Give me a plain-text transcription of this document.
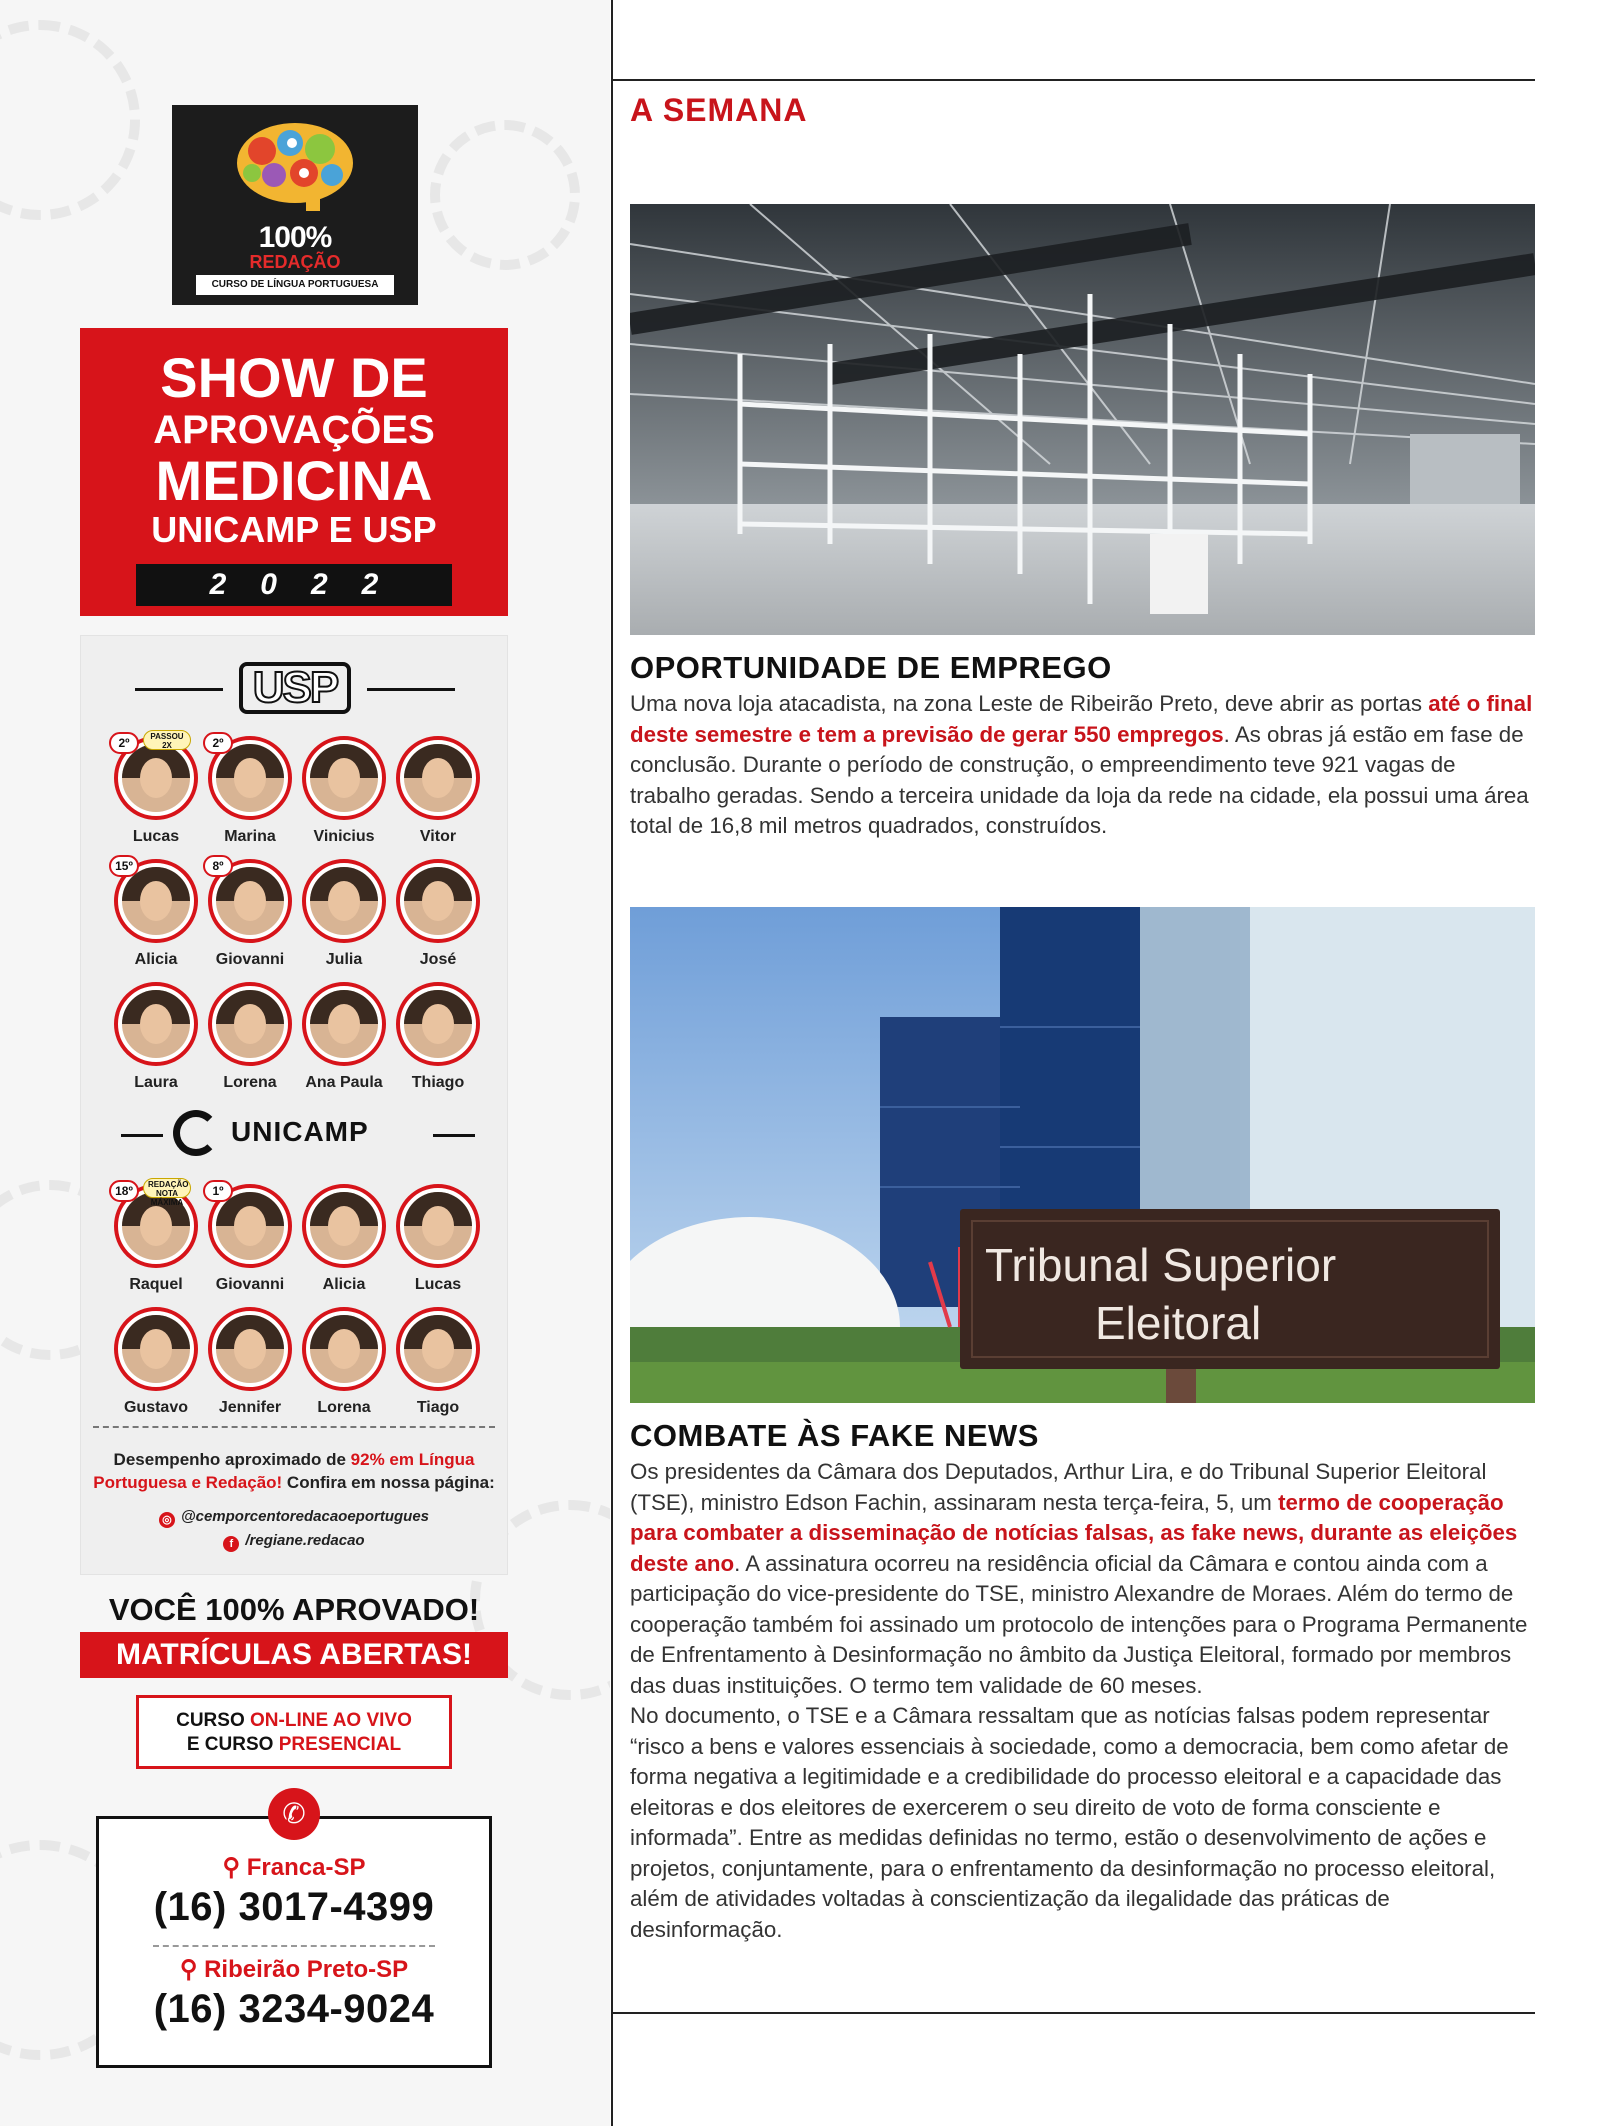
100%
REDAÇÃO
CURSO DE LÍNGUA PORTUGUESA
SHOW DE
APROVAÇÕES
MEDICINA
UNICAMP E USP
2022
USP
2º	PASSOU 2X
Lucas
2º
Marina	Vinicius	Vitor
15º
Alicia
8º
Giovanni	Julia	José
Laura	Lorena	Ana Paula	Thiago
UNICAMP
18º	REDAÇÃO NOTA MÁXIMA
Raquel
1º
Giovanni	Alicia	Lucas
Gustavo	Jennifer	Lorena	Tiago
Desempenho aproximado de 92% em Língua Portuguesa e Redação! Confira em nossa página:
◎ @cemporcentoredacaoeportugues
f /regiane.redacao
VOCÊ 100% APROVADO!
MATRÍCULAS ABERTAS!
CURSO ON-LINE AO VIVO
E CURSO PRESENCIAL
⚲ Franca-SP
(16) 3017-4399
⚲ Ribeirão Preto-SP
(16) 3234-9024
✆
A SEMANA
OPORTUNIDADE DE EMPREGO
Uma nova loja atacadista, na zona Leste de Ribeirão Preto, deve abrir as portas até o final deste semestre e tem a previsão de gerar 550 empregos. As obras já estão em fase de conclusão. Durante o período de construção, o empreendimento teve 921 vagas de trabalho geradas. Sendo a terceira unidade da loja da rede na cidade, ela possui uma área total de 16,8 mil metros quadrados, construídos.
Tribunal Superior
Eleitoral
COMBATE ÀS FAKE NEWS
Os presidentes da Câmara dos Deputados, Arthur Lira, e do Tribunal Superior Eleitoral (TSE), ministro Edson Fachin, assinaram nesta terça-feira, 5, um termo de cooperação para combater a disseminação de notícias falsas, as fake news, durante as eleições deste ano. A assinatura ocorreu na residência oficial da Câmara e contou ainda com a participação do vice-presidente do TSE, ministro Alexandre de Moraes. Além do termo de cooperação também foi assinado um protocolo de intenções para o Programa Permanente de Enfrentamento à Desinformação no âmbito da Justiça Eleitoral, formado por membros das duas instituições. O termo tem validade de 60 meses.
No documento, o TSE e a Câmara ressaltam que as notícias falsas podem representar “risco a bens e valores essenciais à sociedade, como a democracia, bem como afetar de forma negativa a legitimidade e a credibilidade do processo eleitoral e a capacidade das eleitoras e dos eleitores de exercerem o seu direito de voto de forma consciente e informada”. Entre as medidas definidas no termo, estão o desenvolvimento de ações e projetos, conjuntamente, para o enfrentamento da desinformação no processo eleitoral, além de atividades voltadas à conscientização da ilegalidade das práticas de desinformação.
